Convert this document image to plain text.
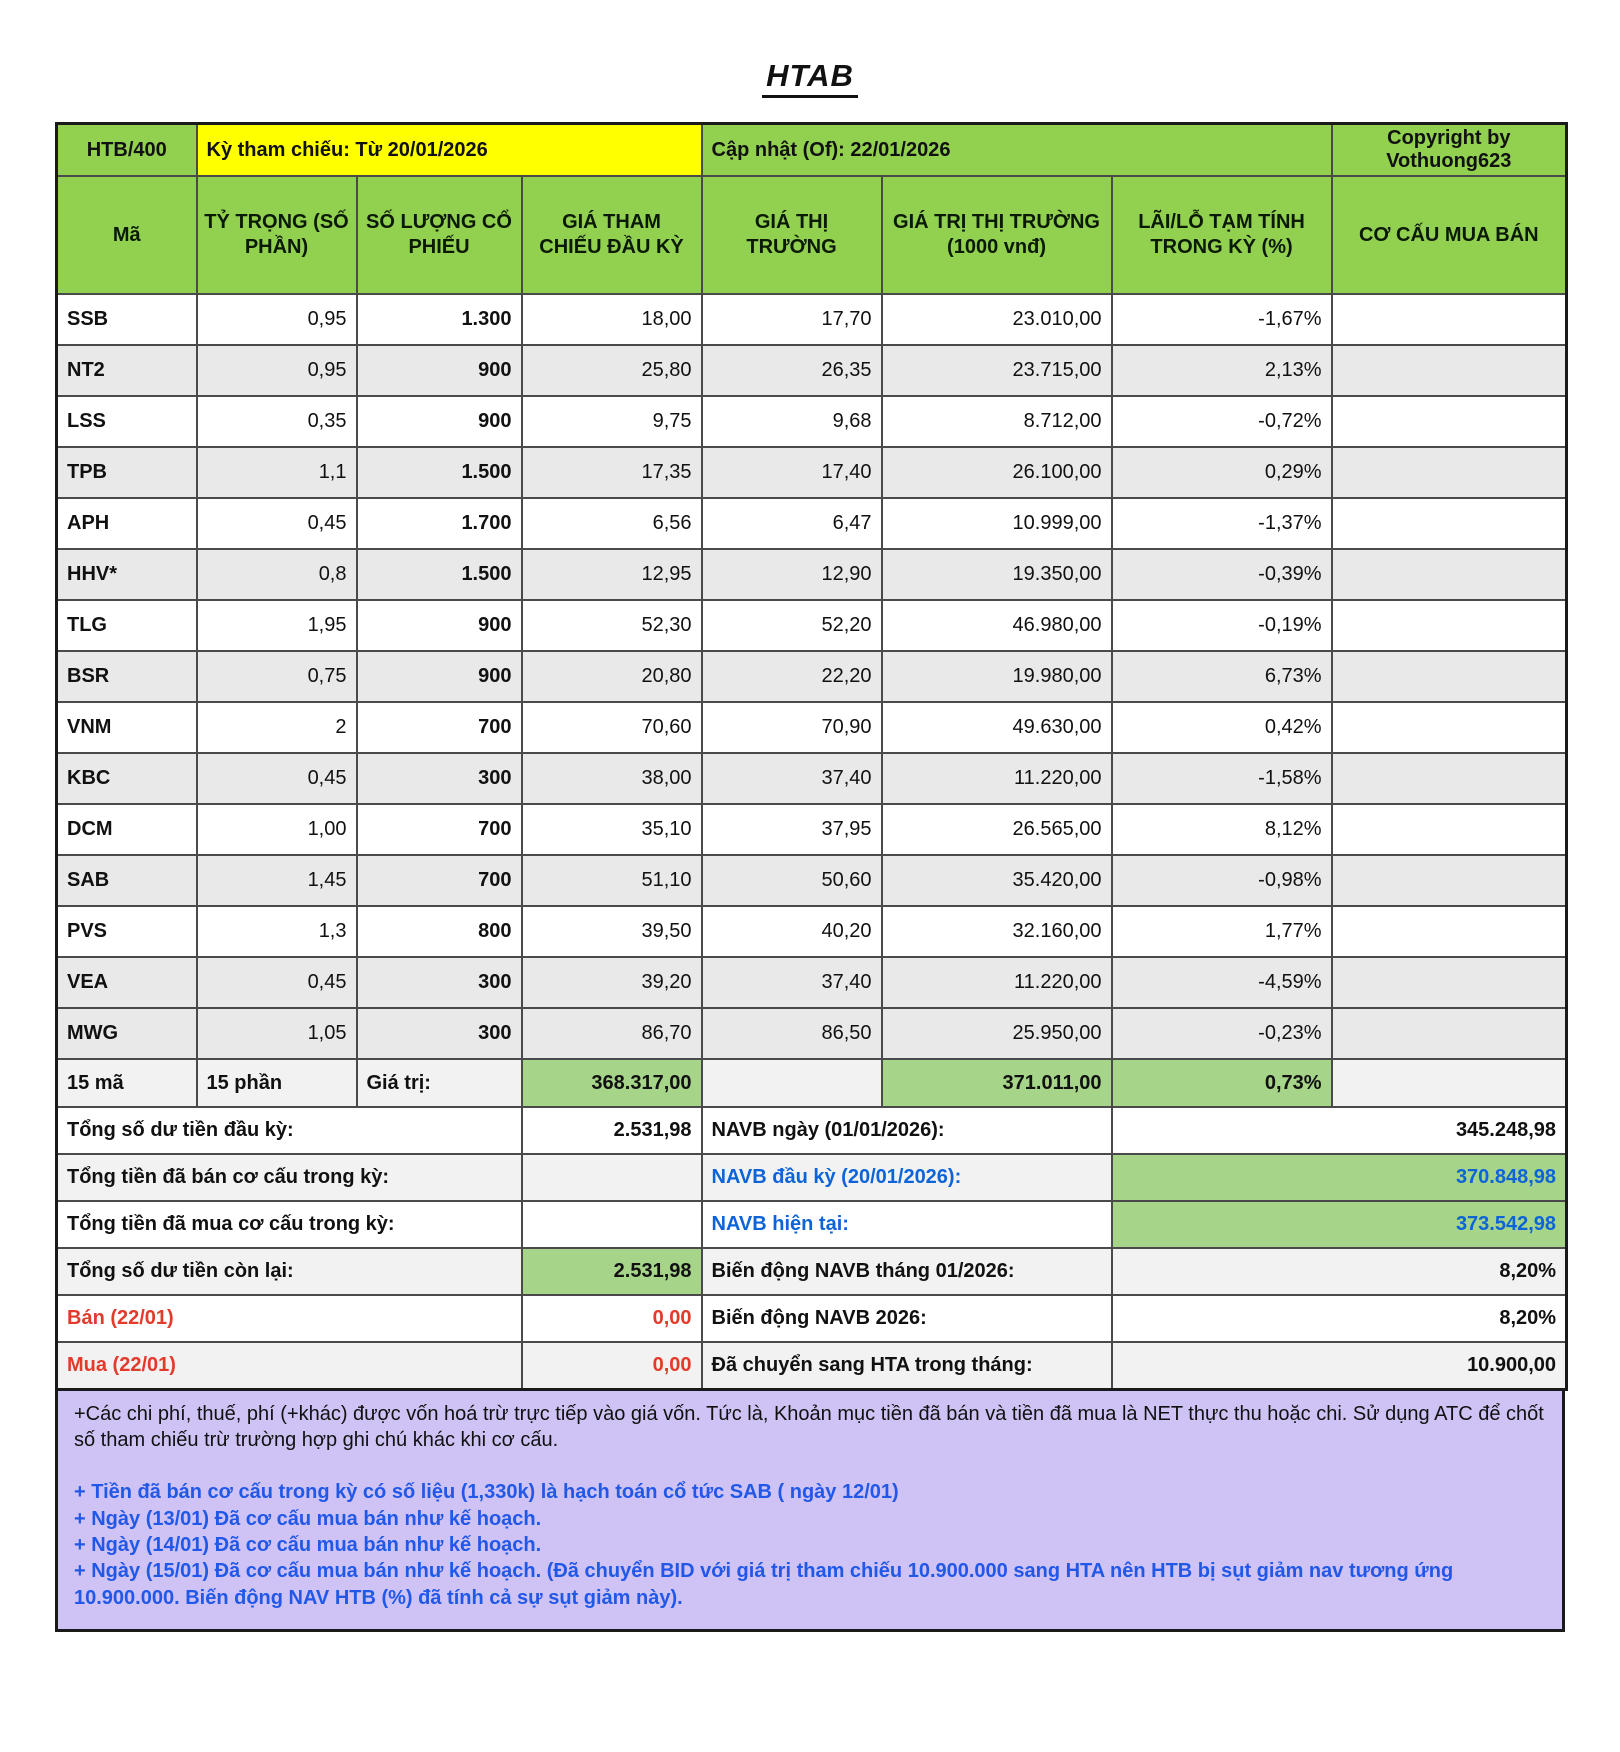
HTAB
HTB/400	Kỳ tham chiếu: Từ 20/01/2026			Cập nhật (Of): 22/01/2026			Copyright by Vothuong623
Mã	TỶ TRỌNG (SỐ PHẦN)	SỐ LƯỢNG CỔ PHIẾU	GIÁ THAM CHIẾU ĐẦU KỲ	GIÁ THỊ TRƯỜNG	GIÁ TRỊ THỊ TRƯỜNG (1000 vnđ)	LÃI/LỖ TẠM TÍNH TRONG KỲ (%)	CƠ CẤU MUA BÁN
SSB	0,95	1.300	18,00	17,70	23.010,00	-1,67%	
NT2	0,95	900	25,80	26,35	23.715,00	2,13%	
LSS	0,35	900	9,75	9,68	8.712,00	-0,72%	
TPB	1,1	1.500	17,35	17,40	26.100,00	0,29%	
APH	0,45	1.700	6,56	6,47	10.999,00	-1,37%	
HHV*	0,8	1.500	12,95	12,90	19.350,00	-0,39%	
TLG	1,95	900	52,30	52,20	46.980,00	-0,19%	
BSR	0,75	900	20,80	22,20	19.980,00	6,73%	
VNM	2	700	70,60	70,90	49.630,00	0,42%	
KBC	0,45	300	38,00	37,40	11.220,00	-1,58%	
DCM	1,00	700	35,10	37,95	26.565,00	8,12%	
SAB	1,45	700	51,10	50,60	35.420,00	-0,98%	
PVS	1,3	800	39,50	40,20	32.160,00	1,77%	
VEA	0,45	300	39,20	37,40	11.220,00	-4,59%	
MWG	1,05	300	86,70	86,50	25.950,00	-0,23%	
15 mã	15 phần	Giá trị:	368.317,00		371.011,00	0,73%	
Tổng số dư tiền đầu kỳ:			2.531,98	NAVB ngày (01/01/2026):		345.248,98	
Tổng tiền đã bán cơ cấu trong kỳ:				NAVB đầu kỳ (20/01/2026):		370.848,98	
Tổng tiền đã mua cơ cấu trong kỳ:				NAVB hiện tại:		373.542,98	
Tổng số dư tiền còn lại:			2.531,98	Biến động NAVB tháng 01/2026:		8,20%	
Bán (22/01)			0,00	Biến động NAVB 2026:		8,20%	
Mua (22/01)			0,00	Đã chuyển sang HTA trong tháng:		10.900,00	
+Các chi phí, thuế, phí (+khác) được vốn hoá trừ trực tiếp vào giá vốn. Tức là, Khoản mục tiền đã bán và tiền đã mua là NET thực thu hoặc chi. Sử dụng ATC để chốt số tham chiếu trừ trường hợp ghi chú khác khi cơ cấu.
+ Tiền đã bán cơ cấu trong kỳ có số liệu (1,330k) là hạch toán cổ tức SAB ( ngày 12/01)
+ Ngày (13/01) Đã cơ cấu mua bán như kế hoạch.
+ Ngày (14/01) Đã cơ cấu mua bán như kế hoạch.
+ Ngày (15/01) Đã cơ cấu mua bán như kế hoạch. (Đã chuyển BID với giá trị tham chiếu 10.900.000 sang HTA nên HTB bị sụt giảm nav tương ứng 10.900.000. Biến động NAV HTB (%) đã tính cả sự sụt giảm này).
